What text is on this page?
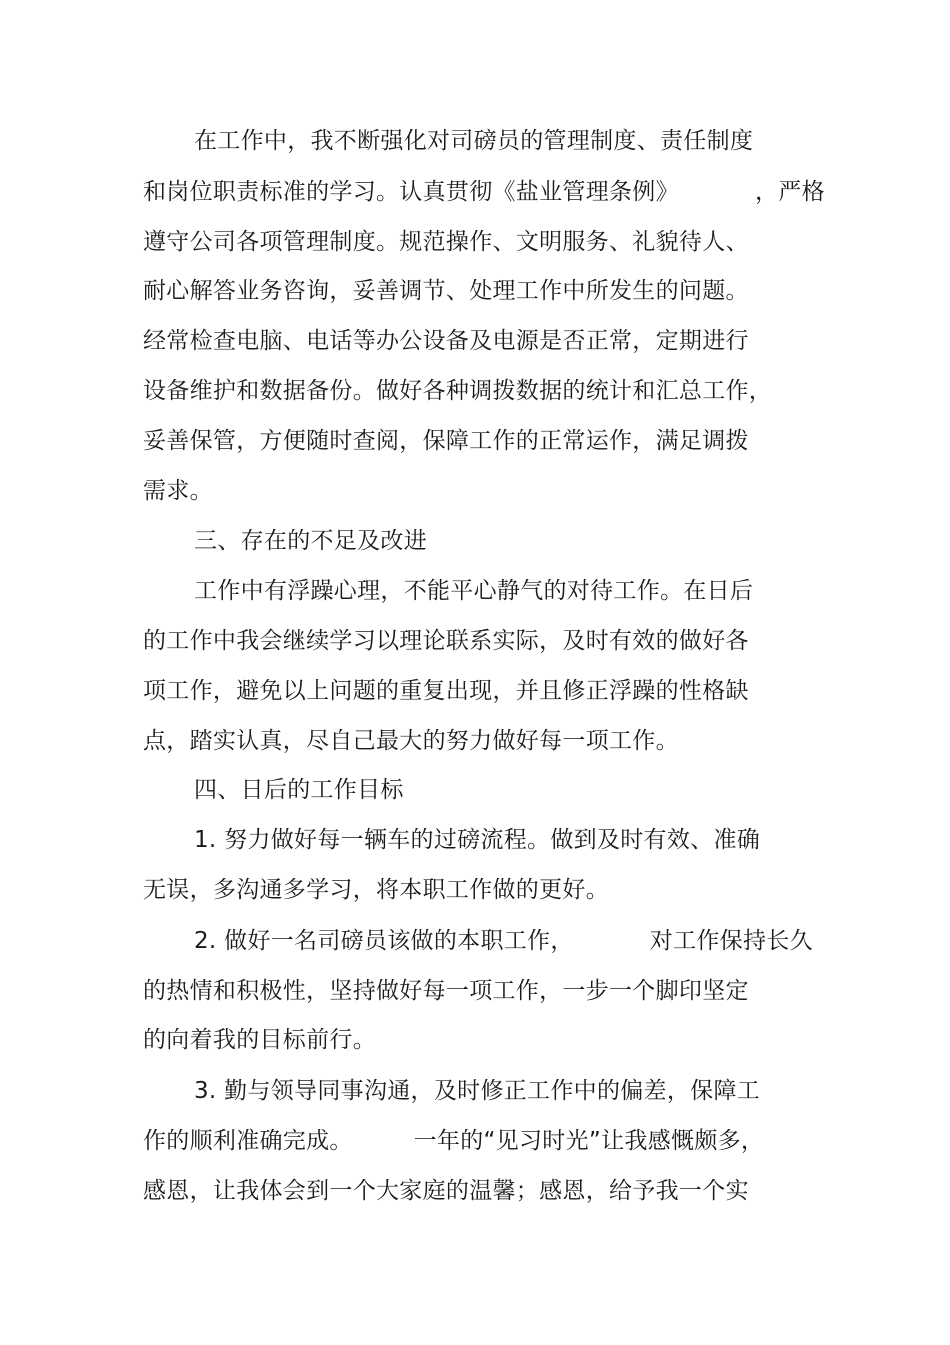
在工作中，我不断强化对司磅员的管理制度、责任制度

和岗位职责标准的学习。认真贯彻《盐业管理条例》          ，严格

遵守公司各项管理制度。规范操作、文明服务、礼貌待人、

耐心解答业务咨询，妥善调节、处理工作中所发生的问题。

经常检查电脑、电话等办公设备及电源是否正常，定期进行

设备维护和数据备份。做好各种调拨数据的统计和汇总工作，

妥善保管，方便随时查阅，保障工作的正常运作，满足调拨

需求。

三、存在的不足及改进

工作中有浮躁心理，不能平心静气的对待工作。在日后

的工作中我会继续学习以理论联系实际，及时有效的做好各

项工作，避免以上问题的重复出现，并且修正浮躁的性格缺

点，踏实认真，尽自己最大的努力做好每一项工作。

四、日后的工作目标

1. 努力做好每一辆车的过磅流程。做到及时有效、准确

无误，多沟通多学习，将本职工作做的更好。

2. 做好一名司磅员该做的本职工作，          对工作保持长久

的热情和积极性，坚持做好每一项工作，一步一个脚印坚定

的向着我的目标前行。

3. 勤与领导同事沟通，及时修正工作中的偏差，保障工

作的顺利准确完成。        一年的“见习时光”让我感慨颇多，

感恩，让我体会到一个大家庭的温馨；感恩，给予我一个实
